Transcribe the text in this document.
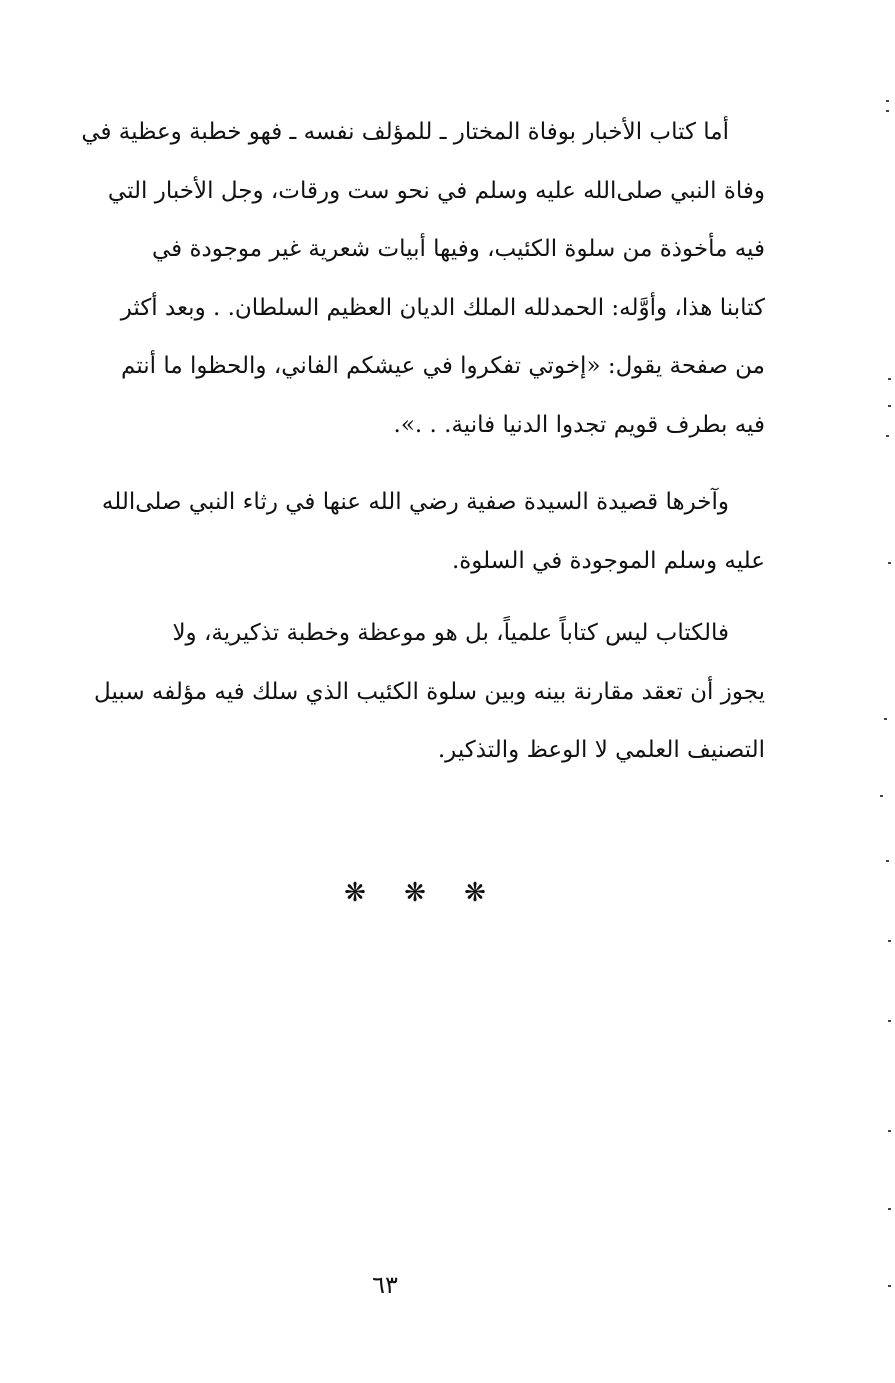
أما كتاب الأخبار بوفاة المختار ـ للمؤلف نفسه ـ فهو خطبة وعظية في
وفاة النبي صلى‌الله عليه وسلم في نحو ست ورقات، وجل الأخبار التي
فيه مأخوذة من سلوة الكئيب، وفيها أبيات شعرية غير موجودة في
كتابنا هذا، وأوَّله: الحمدلله الملك الديان العظيم السلطان. . وبعد أكثر
من صفحة يقول: «إخوتي تفكروا في عيشكم الفاني، والحظوا ما أنتم
فيه بطرف قويم تجدوا الدنيا فانية. . .».
وآخرها قصيدة السيدة صفية رضي الله عنها في رثاء النبي صلى‌الله
عليه وسلم الموجودة في السلوة.
فالكتاب ليس كتاباً علمياً، بل هو موعظة وخطبة تذكيرية، ولا
يجوز أن تعقد مقارنة بينه وبين سلوة الكئيب الذي سلك فيه مؤلفه سبيل
التصنيف العلمي لا الوعظ والتذكير.
❋ ❋ ❋
٦٣
